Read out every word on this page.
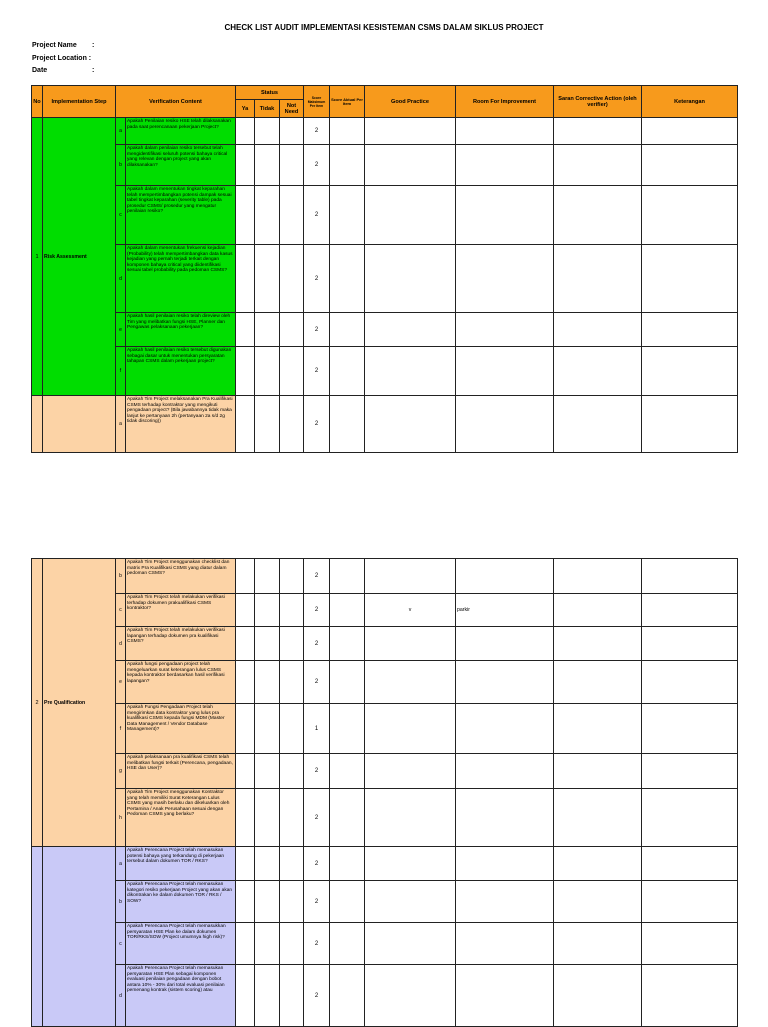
CHECK LIST AUDIT IMPLEMENTASI KESISTEMAN CSMS DALAM SIKLUS PROJECT
Project Name :
Project Location :
Date	:
No	Implementation Step	Verification Content		Status			Score Maksimum Per Item	Score Aktual Per Item	Good Practice	Room For Improvement	Saran Corrective Action (oleh verifier)	Keterangan
				Ya	Tidak	Not Need						
1	Risk Assessment	a	Apakah Penilaian resiko HSE telah dilaksanakan pada saat perencanaan pekerjaan Project?				2					
		b	Apakah dalam penilaian resiko tersebut telah mengidentifikasi seluruh potensi bahaya critical yang relevan dengan project yang akan dilaksanakan?				2					
		c	Apakah dalam menentukan tingkat keparahan telah mempertimbangkan potensi dampak sesuai tabel tingkat keparahan (severity table) pada prosedur CSMS/ prosedur yang mengatur penilaian resiko?				2					
		d	Apakah dalam menentukan frekuensi kejadian (Probability) telah mempertimbangkan data kasus kejadian yang pernah terjadi terkait dengan komponen bahaya critical yang diidentifikasi sesuai tabel probability pada pedoman CSMS?				2					
		e	Apakah hasil penilaian resiko telah direview oleh Tim yang melibatkan fungsi HSE, Planner dan Pengawas pelaksanaan pekerjaan?				2					
		f	Apakah hasil penilaian resiko tersebut digunakan sebagai dasar untuk menentukan persyaratan tahapan CSMS dalam pekerjaan project?				2					
		a	Apakah Tim Project melaksanakan Pra Kualifikasi CSMS terhadap kontraktor yang mengikuti pengadaan project? (Bila jawabannya tidak maka lanjut ke pertanyaan 2h (pertanyaan 2a s/d 2g tidak discoring))				2					
2	Pre Qualification	b	Apakah Tim Project menggunakan checklist dan matrix Pra Kualifikasi CSMS yang diatur dalam pedoman CSMS?				2					
		c	Apakah Tim Project telah melakukan verifikasi terhadap dokumen prakualifikasi CSMS kontraktor?				2		v	parkir		
		d	Apakah Tim Project telah melakukan verifikasi lapangan terhadap dokumen pra kualifikasi CSMS?				2					
		e	Apakah fungsi pengadaan project telah mengeluarkan surat keterangan lulus CSMS kepada kontraktor berdasarkan hasil verifikasi lapangan?				2					
		f	Apakah Fungsi Pengadaan Project telah mengirimkan data kontraktor yang lulus pra kualifikasi CSMS kepada fungsi MDM (Master Data Management / Vendor Database Management)?				1					
		g	Apakah pelaksanaan pra kualifikasi CSMS telah melibatkan fungsi terkait (Perencana, pengadaan, HSE dan User)?				2					
		h	Apakah Tim Project menggunakan Kontraktor yang telah memiliki Surat Keterangan Lulus CSMS yang masih berlaku dan dikeluarkan oleh Pertamina / Anak Perusahaan sesuai dengan Pedoman CSMS yang berlaku?				2					
		a	Apakah Perencana Project telah memasukan potensi bahaya yang terkandung di pekerjaan tersebut dalam dokumen TOR / RKS?				2					
		b	Apakah Perencana Project telah memasukan kategori resiko pekerjaan Project yang akan akan dikontrakan ke dalam dokumen TOR / RKS / SOW?				2					
		c	Apakah Perencana Project telah memasukkan persyaratan HSE Plan ke dalam dokumen TOR/RKS/SOW (Project umumnya high risk)?				2					
		d	Apakah Perencana Project telah memasukan persyaratan HSE Plan sebagai komponen evaluasi penilaian pengadaan dengan bobot antara 10% - 30% dari total evaluasi penilaian pemenang kontrak (sistem scoring) atau				2					
